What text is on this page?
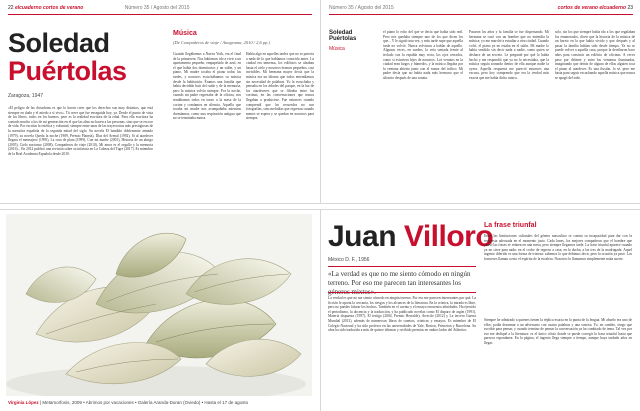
22 elcuaderno cortos de verano	Número 35 / Agosto del 2015
Soledad
Puértolas
Zaragoza, 1947
Música
(De Compañeros de viaje / Anagrama, 2010 / 2,6 pp.)
«El peligro de las dictaduras es que lo hacen creer que los derechos son muy distintos, que está siempre en duda y el miedo a sí vivo». Tú creer que fue enseguida hoy, ya. Desde el punto de vista de los libros, todos en los buenos, pero es la realidad escritora de la edad. Para ella escritora ha contado mucho a los de mi generación en el que las altas no hacen a las personas, sino que se escoce de vida. Por escritas la estética y voluntad, siempre entre unas de las trayectorias más prestigiosas de la narrativa española de la segunda mitad del siglo. Su novela El bandido doblemente armado (1979), su novela Queda la noche (1989, Premio Planeta), Días del Arenal (1992), Si al atardecer llegara el mensajero (1995), La rosa de plata (1999), Con mi madre (2001), Historia de un abrigo (2005), Cielo nocturno (2008), Compañeros de viaje (2010), Mi amor es el orgullo y la memoria (2016)... En 2012 publicó una revisión sobre su infancia en La Cabeza del Tigre (2017). Es miembro de la Real Academia Española desde 2010.
Cuando llegábamos a Nueva York, era el final de la primavera. Nos habíamos ido a vivir a un apartamento pequeño, empapelado de azul, en el que había dos dormitorios y un salón, y un piano. Mi madre tocaba el piano todas las tardes, y nosotros escuchábamos su música desde la habitación. Éramos una familia que había decidido huir del ruido y de la memoria, pero la música volvía siempre. Por la noche, cuando mi padre regresaba de la oficina, nos sentábamos todos en torno a la mesa de la cocina y comíamos en silencio. Aquello que tocaba mi madre nos acompañaba mientras dormíamos, como una respiración antigua que no se terminaba nunca.
Había algo en aquellas tardes que no se parecía a nada de lo que habíamos conocido antes. La ciudad era inmensa, los edificios se alzaban hasta el cielo y nosotros éramos pequeños, casi invisibles. Mi hermana mayor decía que la música era un idioma que todos entendíamos sin necesidad de palabras. Yo la escuchaba y pensaba en los árboles del parque, en la luz de los atardeceres que se filtraba entre las cortinas, en las conversaciones que nunca llegaban a producirse. Fue entonces cuando comprendí que los recuerdos no son fotografías, sino melodías que regresan cuando menos se espera y se quedan en nosotros para siempre.
Número 35 / Agosto del 2015	cortos de verano elcuaderno 23
Soledad Puértolas
Música
el piano lo echo del que se decía que había sido real. Pero nos quedaba siempre uno de los que dicen los que... Y le siguió una vez, y más tarde supe que aquella tarde no volvió. Nunca volvimos a hablar de aquello. Algunas veces, en sueños, la veía sentada frente al teclado con la espalda muy recta, los ojos cerrados, como si estuviera lejos de nosotros. Los veranos en la ciudad eran largos y húmedos, y la música llegaba por la ventana abierta junto con el rumor del tráfico. Mi padre decía que no había nada más hermoso que el silencio después de una sonata.
Pasaron los años y la familia se fue dispersando. Mi hermana se casó con un hombre que no entendía la música; yo me marché a estudiar a otra ciudad. Cuando volví, el piano ya no estaba en el salón. Mi madre lo había vendido sin decir nada a nadie, como quien se deshace de un secreto. Le pregunté por qué lo había hecho y me respondió que ya no lo necesitaba, que la música seguía sonando dentro de ella aunque nadie la oyera. Aquella respuesta me pareció entonces una excusa, pero hoy comprendo que era la verdad más exacta que me había dicho nunca.
solo, sin los que siempre había ido a los que regalaban los enamorados, dicen que la historia de la música de un barrio en la que había vivido y que después y al pasar la familia habían sido desde tiempo. Ya no se puede volver a aquella casa, porque la derribaron hace años para construir un edificio de oficinas. A veces paso por delante y miro las ventanas iluminadas, imaginando que detrás de alguna de ellas alguien toca el piano al atardecer. Es una ilusión, lo sé, pero me basta para seguir escuchando aquella música que nunca se apagó del todo.
Virginia López | Metamorfosis, 2009 • Abrimos por vacaciones • Galería Aranda-Duran (Oviedo) • Hasta el 17 de agosto
Juan Villoro
México D. F., 1956
«La verdad es que no me siento cómodo en ningún terreno. Por eso me parecen tan interesantes los géneros mixtos».
La verdad es que no me siento cómodo en ningún terreno. Por eso me parecen interesantes por qué. La ficción le aporta la cercanía, los riesgos y los alcances de la literatura. En la crónica, la mirada es libre, pero no puedes falsear los hechos. También en el cuento y el ensayo encuentro afinidades. Ha ejercido el periodismo, la docencia y la traducción, y ha publicado novelas como El disparo de argón (1991), Materia dispuesta (1997), El testigo (2004, Premio Herralde), Arrecife (2012) y La tercera Guerra Mundial (2013), además de numerosos libros de cuentos, crónicas y ensayos. Es miembro de El Colegio Nacional y ha sido profesor en las universidades de Yale, Boston, Princeton y Barcelona. Su obra ha sido traducida a más de quince idiomas y recibido premios en ambos lados del Atlántico.
La frase triunfal
Entre las limitaciones culturales del género masculino se cuenta su incapacidad para dar con la respuesta adecuada en el momento justo. Cada lunes, los mejores compañeros que el hombre que pensó las frases se reúnen en una mesa, pero siempre llegamos tarde. La frase triunfal aparece cuando ya no sirve para nada: en el coche de regreso a casa, en la ducha, a las tres de la madrugada. Aquel ingenio diferido es una forma de tristeza: sabemos lo que debimos decir, pero la ocasión ya pasó. Los franceses llaman a esto el espíritu de la escalera. Nosotros lo llamamos simplemente mala suerte.
Siempre he admirado a quienes tienen la réplica exacta en la punta de la lengua. Mi abuelo era uno de ellos; podía desarmar a un adversario con cuatro palabras y una sonrisa. Yo, en cambio, tengo que escribir para pensar, y cuando termino de pensar la conversación ya ha cambiado de tema. Tal vez por eso me dediqué a la literatura: es el único oficio donde se puede corregir la frase triunfal hasta que parezca espontánea. En la página, el ingenio llega siempre a tiempo, aunque haya tardado años en llegar.
